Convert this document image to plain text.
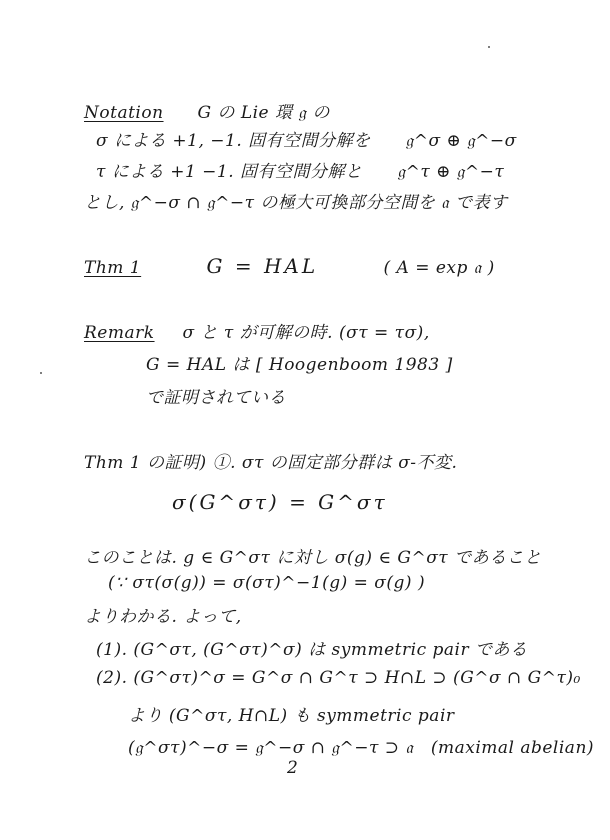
Notation G の Lie 環 𝔤 の
σ による +1, −1. 固有空間分解を　　𝔤^σ ⊕ 𝔤^−σ
τ による +1 −1. 固有空間分解と　　𝔤^τ ⊕ 𝔤^−τ
とし, 𝔤^−σ ∩ 𝔤^−τ の極大可換部分空間を 𝔞 で表す
Thm 1	G = HAL	( A = exp 𝔞 )
Remark σ と τ が可解の時. (στ = τσ),
G = HAL は [ Hoogenboom 1983 ]
で証明されている
Thm 1 の証明) ①. στ の固定部分群は σ-不変.
σ(G^στ) = G^στ
このことは. g ∈ G^στ に対し σ(g) ∈ G^στ であること
(∵ στ(σ(g)) = σ(στ)^−1(g) = σ(g) )
よりわかる. よって,
(1). (G^στ, (G^στ)^σ) は symmetric pair である
(2). (G^στ)^σ = G^σ ∩ G^τ ⊃ H∩L ⊃ (G^σ ∩ G^τ)₀
より (G^στ, H∩L) も symmetric pair
(𝔤^στ)^−σ = 𝔤^−σ ∩ 𝔤^−τ ⊃ 𝔞　(maximal abelian)
2
